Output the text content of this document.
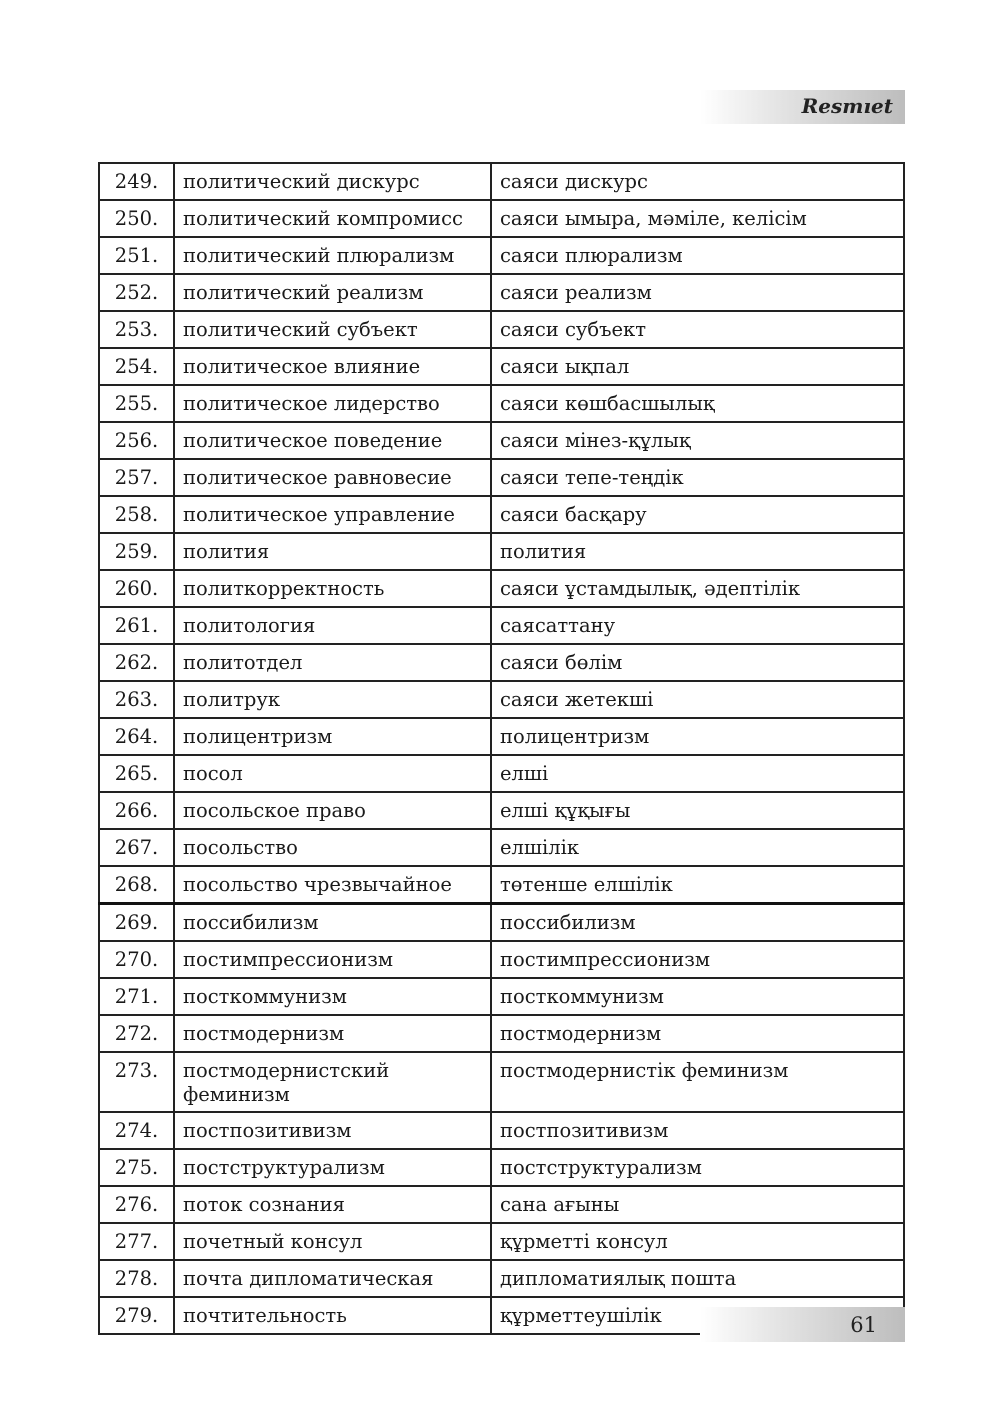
Resmıet
249.	политический дискурс	саяси дискурс
250.	политический компромисс	саяси ымыра, мәміле, келісім
251.	политический плюрализм	саяси плюрализм
252.	политический реализм	саяси реализм
253.	политический субъект	саяси субъект
254.	политическое влияние	саяси ықпал
255.	политическое лидерство	саяси көшбасшылық
256.	политическое поведение	саяси мінез-құлық
257.	политическое равновесие	саяси тепе-теңдік
258.	политическое управление	саяси басқару
259.	полития	полития
260.	политкорректность	саяси ұстамдылық, әдептілік
261.	политология	саясаттану
262.	политотдел	саяси бөлім
263.	политрук	саяси жетекші
264.	полицентризм	полицентризм
265.	посол	елші
266.	посольское право	елші құқығы
267.	посольство	елшілік
268.	посольство чрезвычайное	төтенше елшілік
269.	поссибилизм	поссибилизм
270.	постимпрессионизм	постимпрессионизм
271.	посткоммунизм	посткоммунизм
272.	постмодернизм	постмодернизм
273.	постмодернистский феминизм	постмодернистік феминизм
274.	постпозитивизм	постпозитивизм
275.	постструктурализм	постструктурализм
276.	поток сознания	сана ағыны
277.	почетный консул	құрметті консул
278.	почта дипломатическая	дипломатиялық пошта
279.	почтительность	құрметтеушілік	61
